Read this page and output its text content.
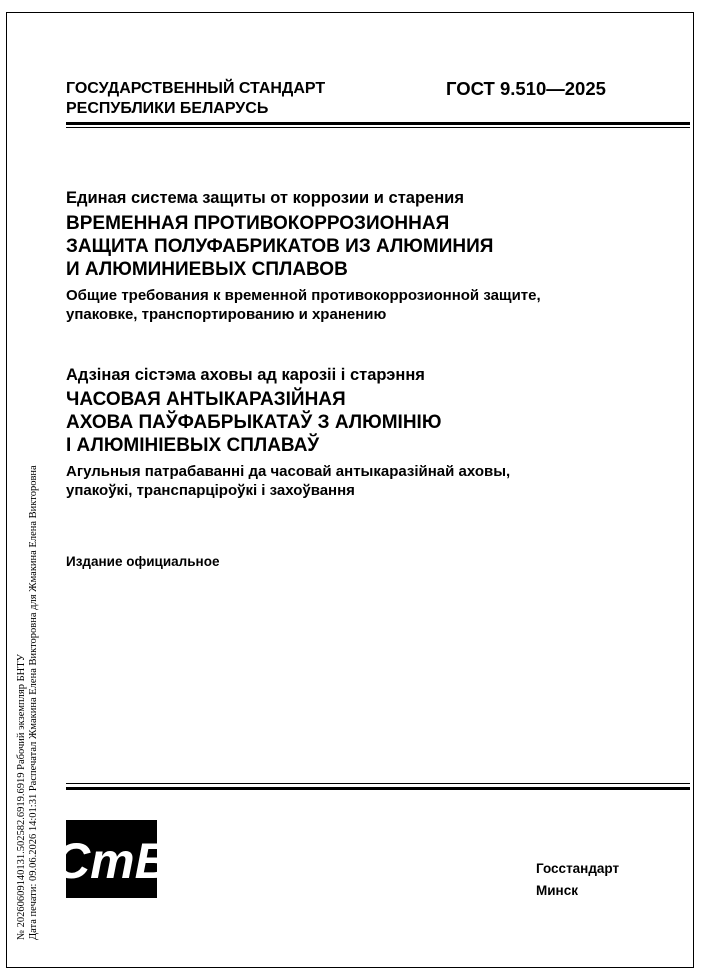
ГОСУДАРСТВЕННЫЙ СТАНДАРТ
РЕСПУБЛИКИ БЕЛАРУСЬ
ГОСТ 9.510—2025
Единая система защиты от коррозии и старения
ВРЕМЕННАЯ ПРОТИВОКОРРОЗИОННАЯ
ЗАЩИТА ПОЛУФАБРИКАТОВ ИЗ АЛЮМИНИЯ
И АЛЮМИНИЕВЫХ СПЛАВОВ
Общие требования к временной противокоррозионной защите,
упаковке, транспортированию и хранению
Адзіная сістэма аховы ад карозіі і старэння
ЧАСОВАЯ АНТЫКАРАЗІЙНАЯ
АХОВА ПАЎФАБРЫКАТАЎ З АЛЮМІНІЮ
І АЛЮМІНІЕВЫХ СПЛАВАЎ
Агульныя патрабаванні да часовай антыкаразійнай аховы,
упакоўкі, транспарціроўкі і захоўвання
Издание официальное
№ 20260609140131.502582.6919.6919 Рабочий экземпляр БНТУ Дата печати: 09.06.2026 14:01:31 Распечатал Жмакина Елена Викторовна для Жмакина Елена Викторовна СтБ	Госстандарт
Минск
